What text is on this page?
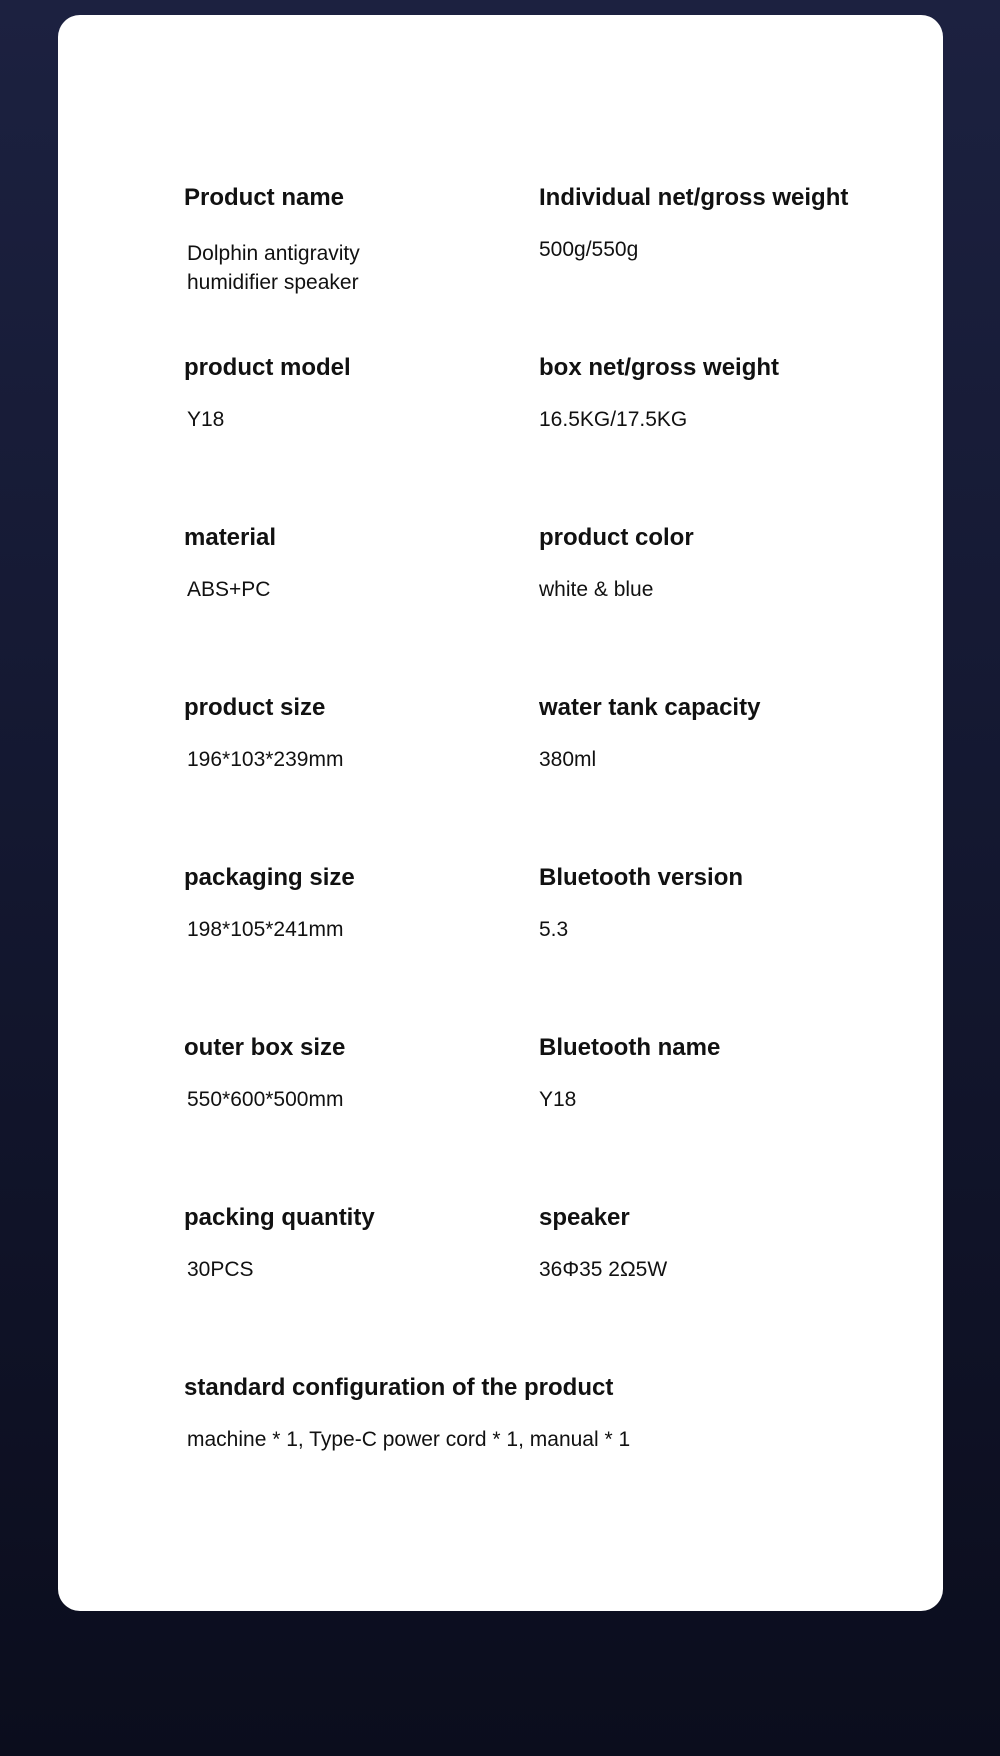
Product name

Dolphin antigravity
humidifier speaker

Individual net/gross weight

500g/550g

product model

Y18

box net/gross weight

16.5KG/17.5KG

material

ABS+PC

product color

white & blue

product size

196*103*239mm

water tank capacity

380ml

packaging size

198*105*241mm

Bluetooth version

5.3

outer box size

550*600*500mm

Bluetooth name

Y18

packing quantity

30PCS

speaker

36Φ35 2Ω5W

standard configuration of the product

machine * 1, Type-C power cord * 1, manual * 1
